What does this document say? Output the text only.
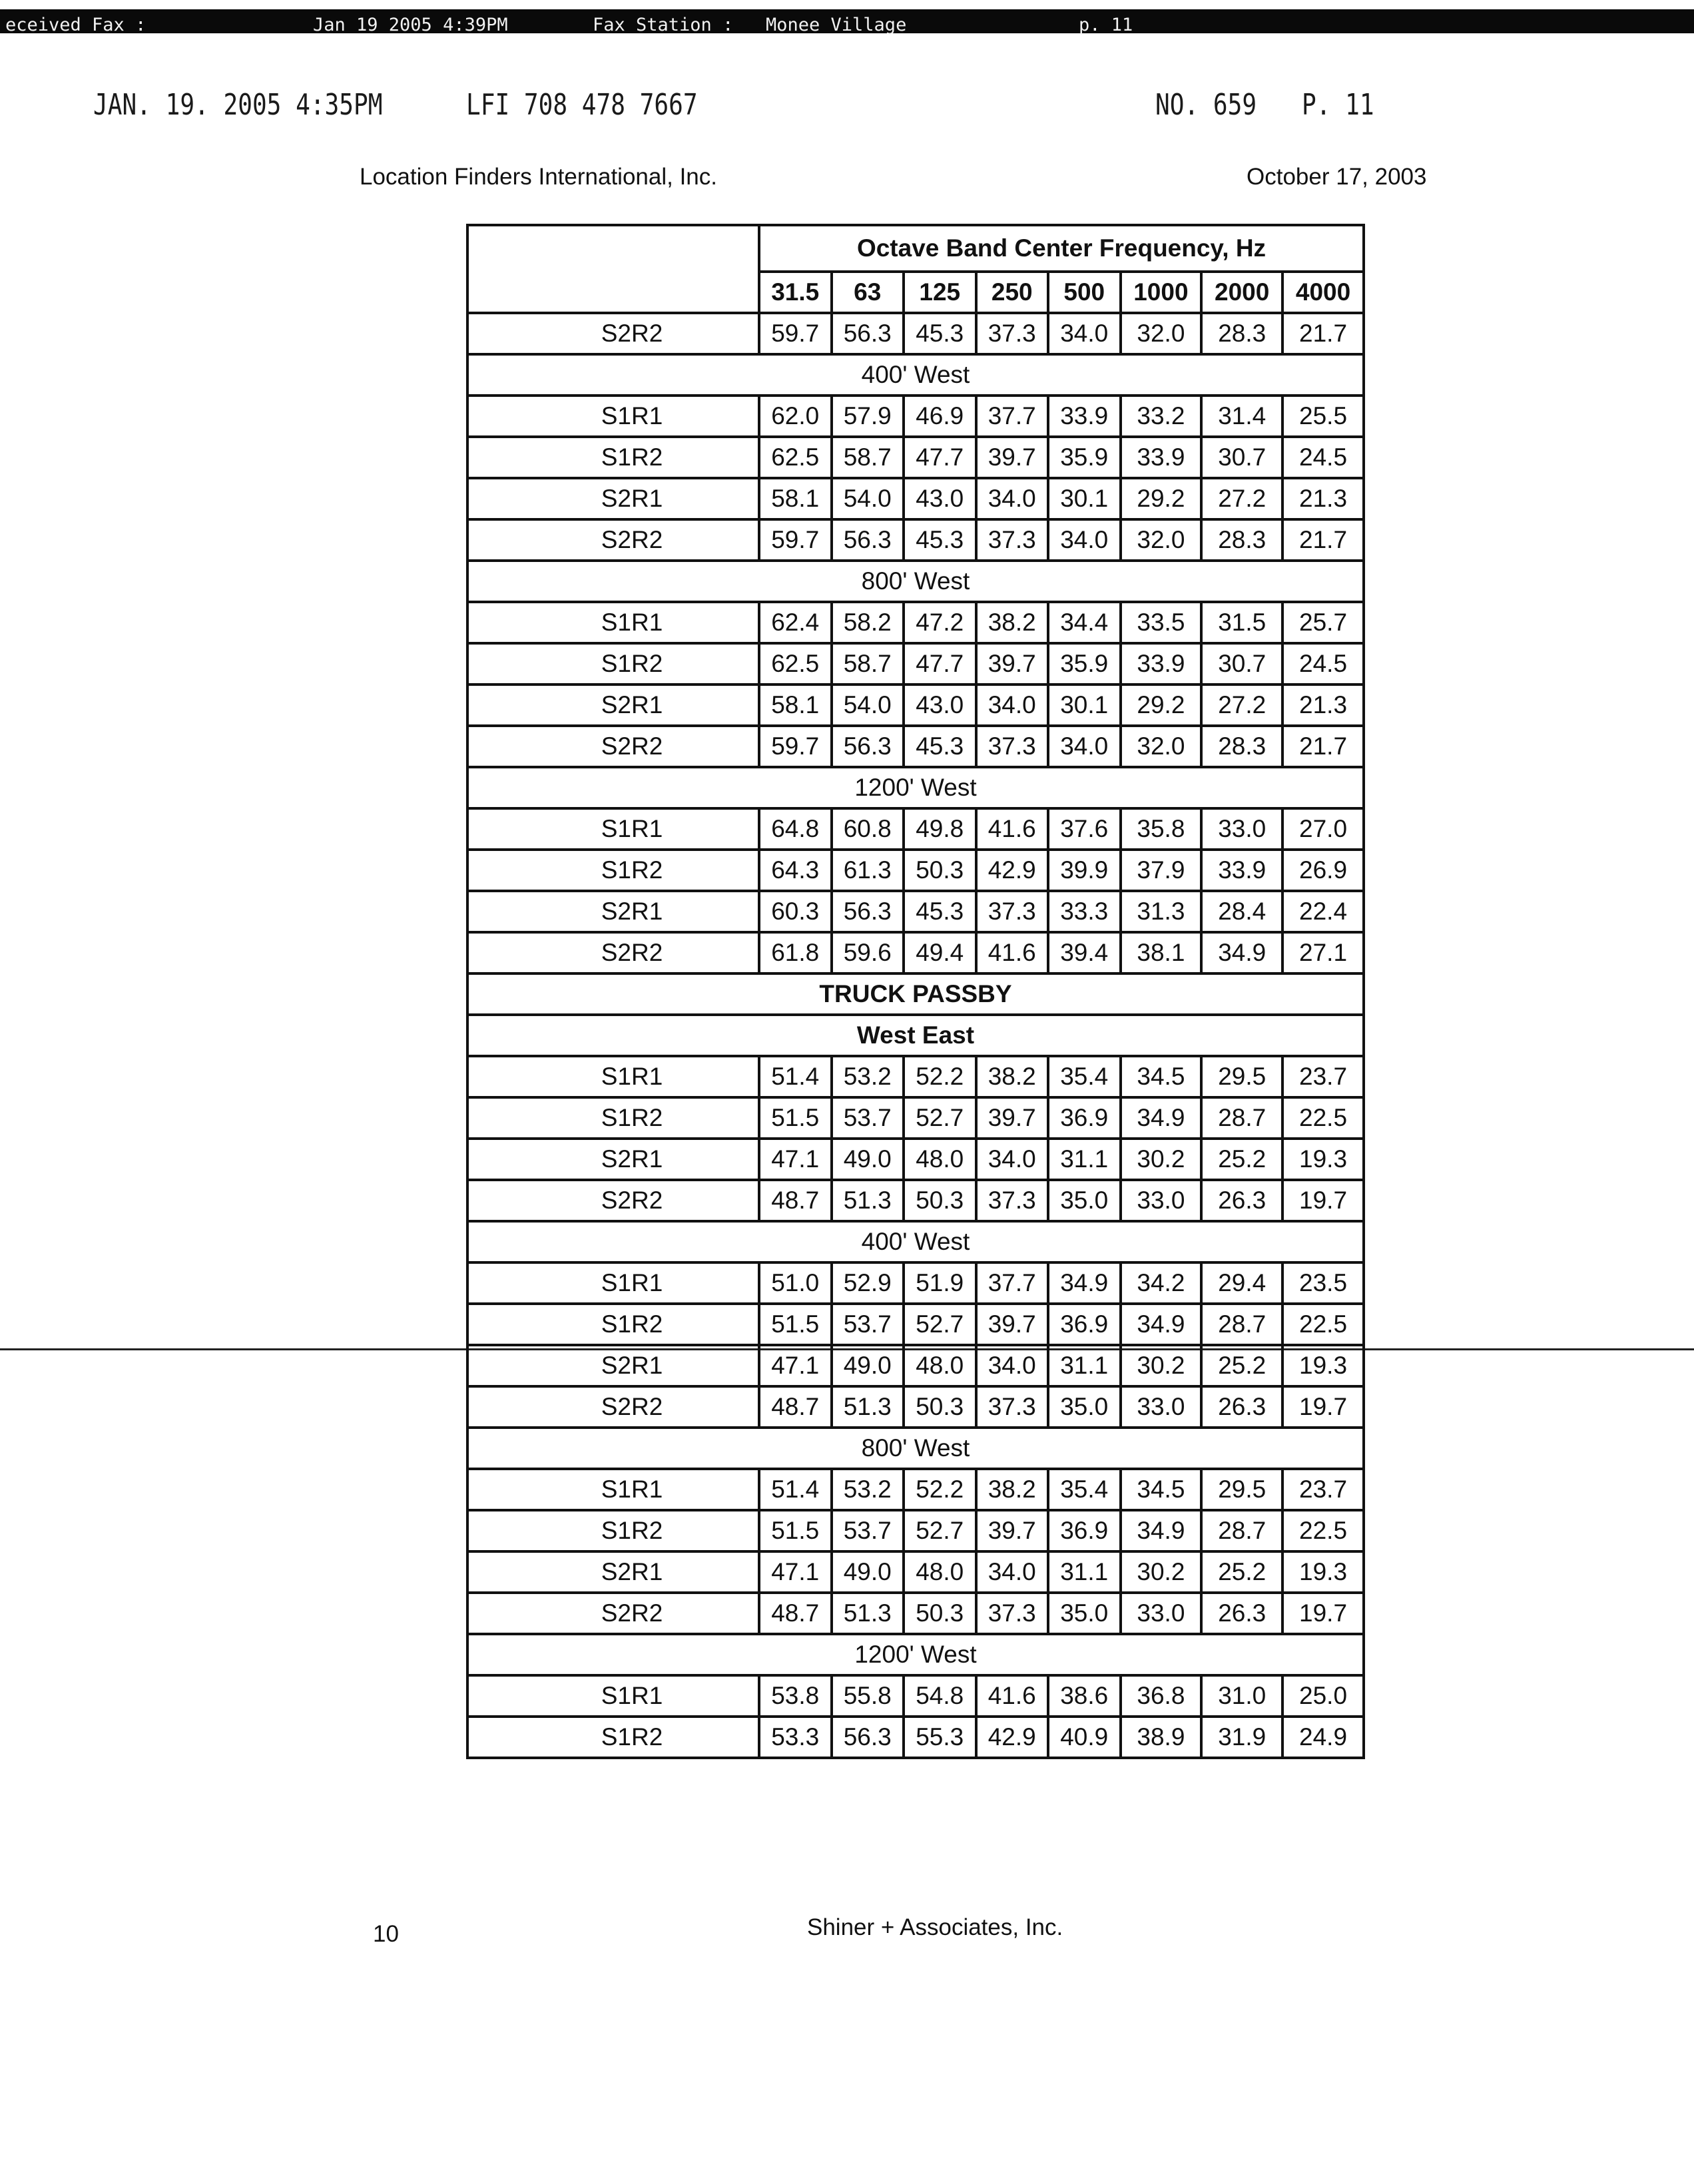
eceived Fax :	Jan 19 2005 4:39PM	Fax Station : Monee Village	p. 11
JAN. 19. 2005 4:35PM	LFI 708 478 7667	NO. 659 P. 11
Location Finders International, Inc.	October 17, 2003
	Octave Band Center Frequency, Hz							
	31.5	63	125	250	500	1000	2000	4000
S2R2	59.7	56.3	45.3	37.3	34.0	32.0	28.3	21.7
400' West								
S1R1	62.0	57.9	46.9	37.7	33.9	33.2	31.4	25.5
S1R2	62.5	58.7	47.7	39.7	35.9	33.9	30.7	24.5
S2R1	58.1	54.0	43.0	34.0	30.1	29.2	27.2	21.3
S2R2	59.7	56.3	45.3	37.3	34.0	32.0	28.3	21.7
800' West								
S1R1	62.4	58.2	47.2	38.2	34.4	33.5	31.5	25.7
S1R2	62.5	58.7	47.7	39.7	35.9	33.9	30.7	24.5
S2R1	58.1	54.0	43.0	34.0	30.1	29.2	27.2	21.3
S2R2	59.7	56.3	45.3	37.3	34.0	32.0	28.3	21.7
1200' West								
S1R1	64.8	60.8	49.8	41.6	37.6	35.8	33.0	27.0
S1R2	64.3	61.3	50.3	42.9	39.9	37.9	33.9	26.9
S2R1	60.3	56.3	45.3	37.3	33.3	31.3	28.4	22.4
S2R2	61.8	59.6	49.4	41.6	39.4	38.1	34.9	27.1
TRUCK PASSBY								
West East								
S1R1	51.4	53.2	52.2	38.2	35.4	34.5	29.5	23.7
S1R2	51.5	53.7	52.7	39.7	36.9	34.9	28.7	22.5
S2R1	47.1	49.0	48.0	34.0	31.1	30.2	25.2	19.3
S2R2	48.7	51.3	50.3	37.3	35.0	33.0	26.3	19.7
400' West								
S1R1	51.0	52.9	51.9	37.7	34.9	34.2	29.4	23.5
S1R2	51.5	53.7	52.7	39.7	36.9	34.9	28.7	22.5
S2R1	47.1	49.0	48.0	34.0	31.1	30.2	25.2	19.3
S2R2	48.7	51.3	50.3	37.3	35.0	33.0	26.3	19.7
800' West								
S1R1	51.4	53.2	52.2	38.2	35.4	34.5	29.5	23.7
S1R2	51.5	53.7	52.7	39.7	36.9	34.9	28.7	22.5
S2R1	47.1	49.0	48.0	34.0	31.1	30.2	25.2	19.3
S2R2	48.7	51.3	50.3	37.3	35.0	33.0	26.3	19.7
1200' West								
S1R1	53.8	55.8	54.8	41.6	38.6	36.8	31.0	25.0
S1R2	53.3	56.3	55.3	42.9	40.9	38.9	31.9	24.9
10	Shiner + Associates, Inc.
